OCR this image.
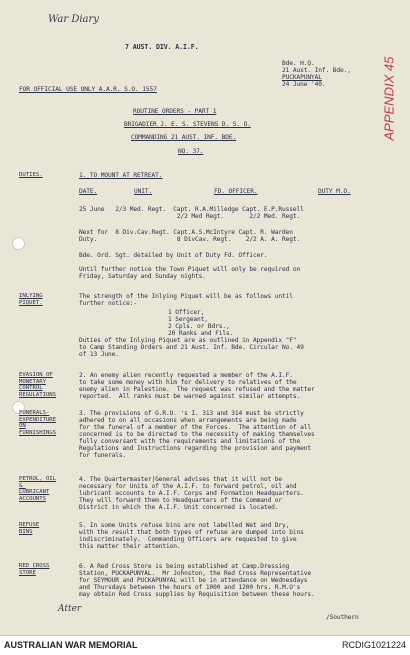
War Diary
APPENDIX 45
7 AUST. DIV. A.I.F.
FOR OFFICIAL USE ONLY A.A.R. S.O. 1557
Bde. H.Q.
21 Aust. Inf. Bde.,
PUCKAPUNYAL
24 June '40.
ROUTINE ORDERS - PART 1
BRIGADIER J. E. S. STEVENS D. S. O.
COMMANDING 21 AUST. INF. BDE.
NO. 37.
DUTIES.	1. TO MOUNT AT RETREAT.
DATE.	UNIT.	FD. OFFICER.	DUTY M.O.
25 June   2/3 Med. Regt.  Capt. R.A.Milledge Capt. E.P.Russell
2/2 Med Regt.       2/2 Med. Regt.
Next for  8 Div.Cav.Regt. Capt.A.S.McIntyre Capt. R. Warden
Duty.                      8 DivCav. Regt.    2/2 A. A. Regt.
Bde. Ord. Sgt. detailed by Unit of Duty Fd. Officer.
Until further notice the Town Piquet will only be required on
Friday, Saturday and Sunday nights.
INLYING
PIQUET.
The strength of the Inlying Piquet will be as follows until
further notice:-
1 Officer,
1 Sergeant,
2 Cpls. or Bdrs.,
20 Ranks and Fils.
Duties of the Inlying Piquet are as outlined in Appendix "F"
to Camp Standing Orders and 21 Aust. Inf. Bde. Circular No. 49
of 13 June.
EVASION OF
MONETARY
CONTROL
REGULATIONS
2. An enemy alien recently requested a member of the A.I.F.
to take some money with him for delivery to relatives of the
enemy alien in Palestine.  The request was refused and the matter
reported.  All ranks must be warned against similar attempts.
FUNERALS-
EXPENDITURE
ON
FURNISHINGS
3. The provisions of G.R.O. 's I. 313 and 314 must be strictly
adhered to on all occasions when arrangements are being made
for the funeral of a member of the Forces.  The attention of all
concerned is to be directed to the necessity of making themselves
fully conversant with the requirements and limitations of the
Regulations and Instructions regarding the provision and payment
for funerals.
PETROL, OIL
&
LUBRICANT
ACCOUNTS
4. The Quartermaster|General advises that it will not be
necessary for Units of the A.I.F. to forward petrol, oil and
lubricant accounts to A.I.F. Corps and Formation Headquarters.
They will forward them to Headquarters of the Command or
District in which the A.I.F. Unit concerned is located.
REFUSE
BINS
5. In some Units refuse bins are not labelled Wet and Dry,
with the result that both types of refuse are dumped into bins
indiscriminately.  Commanding Officers are requested to give
this matter their attention.
RED CROSS
STORE
6. A Red Cross Store is being established at Camp.Dressing
Station, PUCKAPUNYAL.  Mr Johnston, the Red Cross Representative
for SEYMOUR and PUCKAPUNYAL will be in attendance on Wednesdays
and Thursdays between the hours of 1000 and 1200 hrs. R.M.O's
may obtain Red Cross supplies by Requisition between these hours.
Atter
/Southern
AUSTRALIAN WAR MEMORIAL	RCDIG1021224
